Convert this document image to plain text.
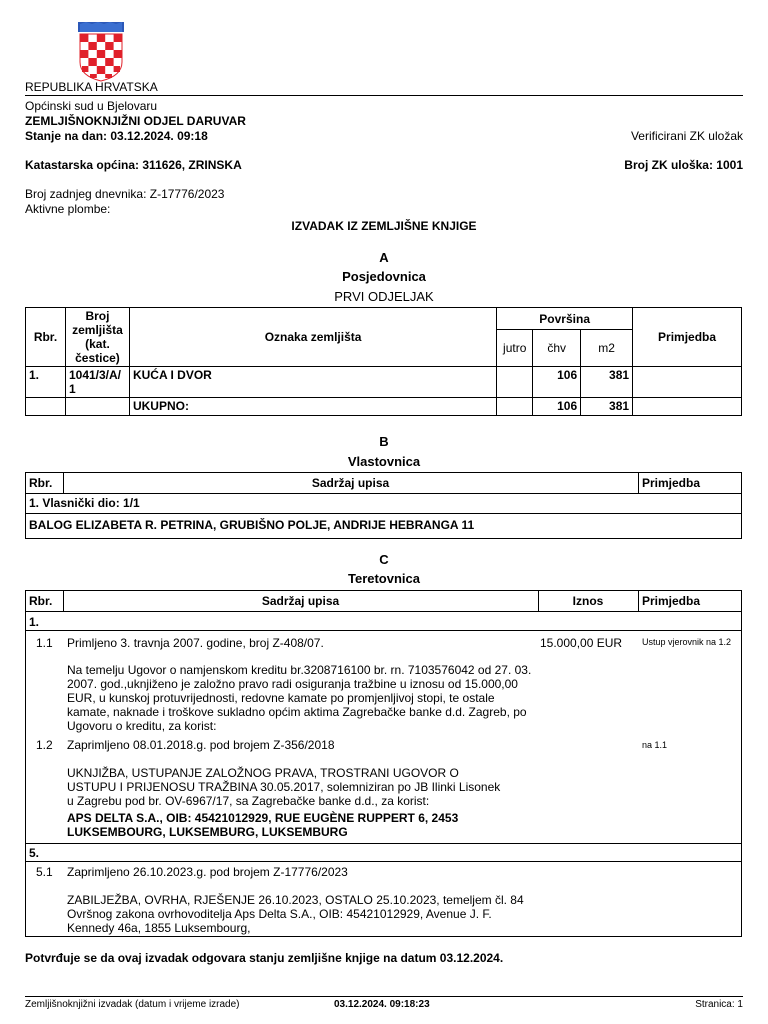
REPUBLIKA HRVATSKA
Općinski sud u Bjelovaru
ZEMLJIŠNOKNJIŽNI ODJEL DARUVAR
Stanje na dan: 03.12.2024. 09:18	Verificirani ZK uložak
Katastarska općina: 311626, ZRINSKA	Broj ZK uloška: 1001
Broj zadnjeg dnevnika: Z-17776/2023
Aktivne plombe:
IZVADAK IZ ZEMLJIŠNE KNJIGE
A
Posjedovnica
PRVI ODJELJAK
Rbr.	Broj zemljišta (kat. čestice)	Oznaka zemljišta	Površina			Primjedba
			jutro	čhv	m2	
1.	1041/3/A/1	KUĆA I DVOR		106	381	
		UKUPNO:		106	381	
B
Vlastovnica
Rbr.	Sadržaj upisa	Primjedba
1. Vlasnički dio: 1/1
BALOG ELIZABETA R. PETRINA, GRUBIŠNO POLJE, ANDRIJE HEBRANGA 11
C
Teretovnica
Rbr.	Sadržaj upisa	Iznos	Primjedba
1.
1.1 Primljeno 3. travnja 2007. godine, broj Z-408/07.	15.000,00 EUR Ustup vjerovnik na 1.2
Na temelju Ugovor o namjenskom kreditu br.3208716100 br. rn. 7103576042 od 27. 03. 2007. god.,uknjiženo je založno pravo radi osiguranja tražbine u iznosu od 15.000,00 EUR, u kunskoj protuvrijednosti, redovne kamate po promjenljivoj stopi, te ostale kamate, naknade i troškove sukladno općim aktima Zagrebačke banke d.d. Zagreb, po Ugovoru o kreditu, za korist:
1.2 Zaprimljeno 08.01.2018.g. pod brojem Z-356/2018	na 1.1
UKNJIŽBA, USTUPANJE ZALOŽNOG PRAVA, TROSTRANI UGOVOR O USTUPU I PRIJENOSU TRAŽBINA 30.05.2017, solemniziran po JB Ilinki Lisonek u Zagrebu pod br. OV-6967/17, sa Zagrebačke banke d.d., za korist:
APS DELTA S.A., OIB: 45421012929, RUE EUGÈNE RUPPERT 6, 2453 LUKSEMBOURG, LUKSEMBURG, LUKSEMBURG
5.
5.1 Zaprimljeno 26.10.2023.g. pod brojem Z-17776/2023
ZABILJEŽBA, OVRHA, RJEŠENJE 26.10.2023, OSTALO 25.10.2023, temeljem čl. 84 Ovršnog zakona ovrhovoditelja Aps Delta S.A., OIB: 45421012929, Avenue J. F. Kennedy 46a, 1855 Luksembourg,
Potvrđuje se da ovaj izvadak odgovara stanju zemljišne knjige na datum 03.12.2024.
Zemljišnoknjižni izvadak (datum i vrijeme izrade)	03.12.2024. 09:18:23	Stranica: 1
